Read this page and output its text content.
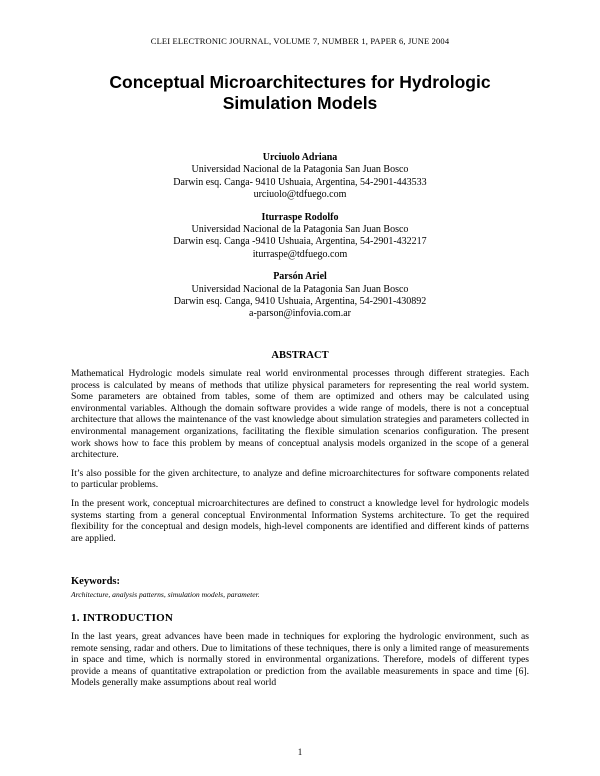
CLEI ELECTRONIC JOURNAL, VOLUME 7, NUMBER 1, PAPER 6, JUNE 2004
Conceptual Microarchitectures for Hydrologic
Simulation Models
Urciuolo Adriana
Universidad Nacional de la Patagonia San Juan Bosco
Darwin esq. Canga- 9410 Ushuaia, Argentina, 54-2901-443533
urciuolo@tdfuego.com
Iturraspe Rodolfo
Universidad Nacional de la Patagonia San Juan Bosco
Darwin esq. Canga -9410 Ushuaia, Argentina, 54-2901-432217
iturraspe@tdfuego.com
Parsón Ariel
Universidad Nacional de la Patagonia San Juan Bosco
Darwin esq. Canga, 9410 Ushuaia, Argentina, 54-2901-430892
a-parson@infovia.com.ar
ABSTRACT

Mathematical Hydrologic models simulate real world environmental processes through different strategies. Each process is calculated by means of methods that utilize physical parameters for representing the real world system. Some parameters are obtained from tables, some of them are optimized and others may be calculated using environmental variables. Although the domain software provides a wide range of models, there is not a conceptual architecture that allows the maintenance of the vast knowledge about simulation strategies and parameters collected in environmental management organizations, facilitating the flexible simulation scenarios configuration. The present work shows how to face this problem by means of conceptual analysis models organized in the scope of a general architecture.

It’s also possible for the given architecture, to analyze and define microarchitectures for software components related to particular problems.

In the present work, conceptual microarchitectures are defined to construct a knowledge level for hydrologic models systems starting from a general conceptual Environmental Information Systems architecture. To get the required flexibility for the conceptual and design models, high-level components are identified and different kinds of patterns are applied.

Keywords:
Architecture, analysis patterns, simulation models, parameter.
1. INTRODUCTION

In the last years, great advances have been made in techniques for exploring the hydrologic environment, such as remote sensing, radar and others. Due to limitations of these techniques, there is only a limited range of measurements in space and time, which is normally stored in environmental organizations. Therefore, models of different types provide a means of quantitative extrapolation or prediction from the available measurements in space and time [6]. Models generally make assumptions about real world

1
